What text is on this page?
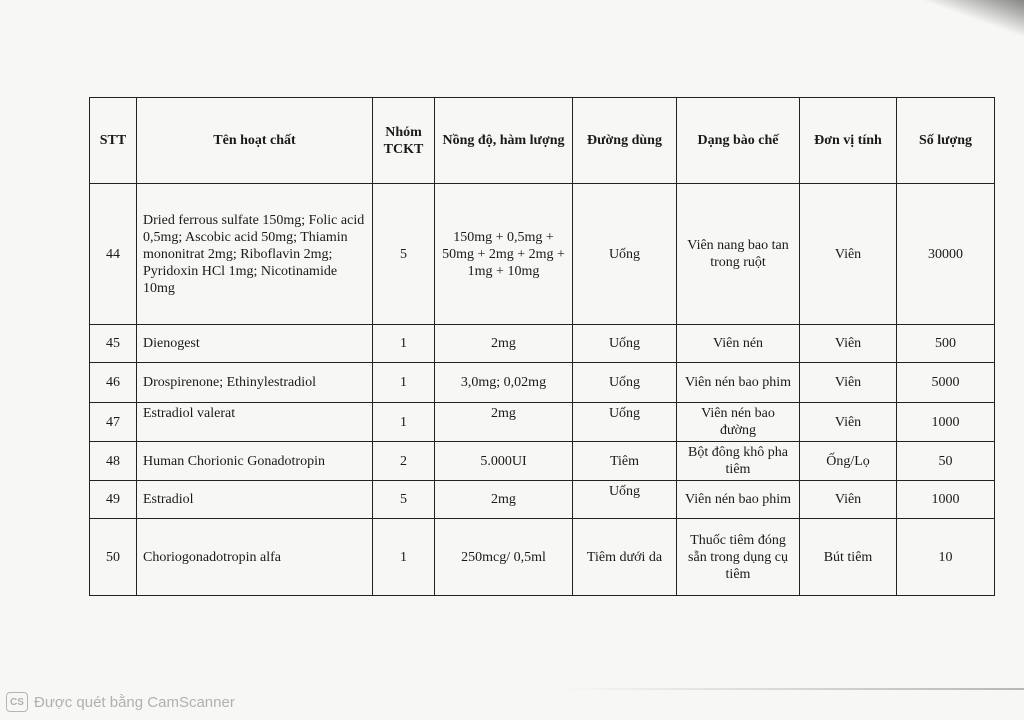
STT	Tên hoạt chất	Nhóm TCKT	Nồng độ, hàm lượng	Đường dùng	Dạng bào chế	Đơn vị tính	Số lượng
44	Dried ferrous sulfate 150mg; Folic acid 0,5mg; Ascobic acid 50mg; Thiamin mononitrat 2mg; Riboflavin 2mg; Pyridoxin HCl 1mg; Nicotinamide 10mg	5	150mg + 0,5mg + 50mg + 2mg + 2mg + 1mg + 10mg	Uống	Viên nang bao tan trong ruột	Viên	30000
45	Dienogest	1	2mg	Uống	Viên nén	Viên	500
46	Drospirenone; Ethinylestradiol	1	3,0mg; 0,02mg	Uống	Viên nén bao phim	Viên	5000
47	Estradiol valerat	1	2mg	Uống	Viên nén bao đường	Viên	1000
48	Human Chorionic Gonadotropin	2	5.000UI	Tiêm	Bột đông khô pha tiêm	Ống/Lọ	50
49	Estradiol	5	2mg	Uống	Viên nén bao phim	Viên	1000
50	Choriogonadotropin alfa	1	250mcg/ 0,5ml	Tiêm dưới da	Thuốc tiêm đóng sẵn trong dụng cụ tiêm	Bút tiêm	10
CS Được quét bằng CamScanner
